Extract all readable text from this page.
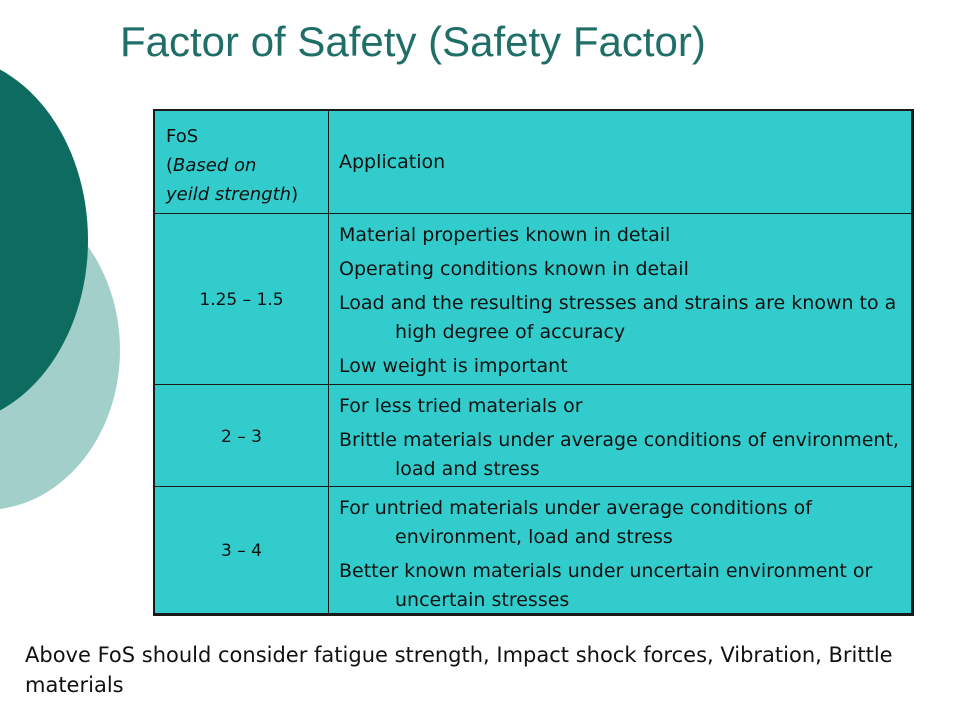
Factor of Safety (Safety Factor)
FoS
(Based on
yeild strength)
Application
1.25 – 1.5

Material properties known in detail

Operating conditions known in detail

Load and the resulting stresses and strains are known to a high degree of accuracy

Low weight is important

2 – 3

For less tried materials or

Brittle materials under average conditions of environment, load and stress

3 – 4

For untried materials under average conditions of environment, load and stress

Better known materials under uncertain environment or uncertain stresses

Above FoS should consider fatigue strength, Impact shock forces, Vibration, Brittle materials
